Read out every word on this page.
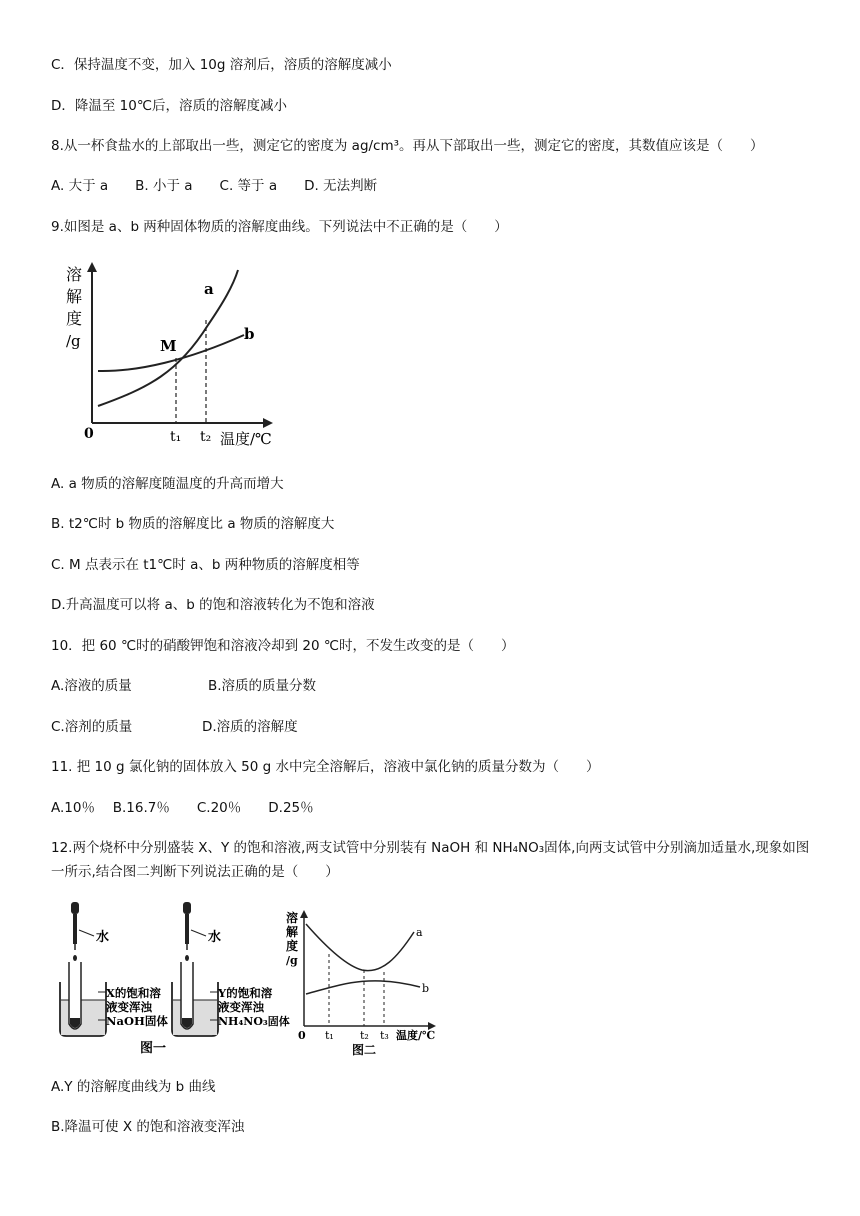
C．保持温度不变，加入 10g 溶剂后，溶质的溶解度减小
D．降温至 10℃后，溶质的溶解度减小
8.从一杯食盐水的上部取出一些，测定它的密度为 ag/cm³。再从下部取出一些，测定它的密度，其数值应该是（　　）
A. 大于 a　　B. 小于 a　　C. 等于 a　　D. 无法判断
9.如图是 a、b 两种固体物质的溶解度曲线。下列说法中不正确的是（　　）
溶
解
度
/g
a
b
M
0	t₁ t₂ 温度/℃
A. a 物质的溶解度随温度的升高而增大
B. t2℃时 b 物质的溶解度比 a 物质的溶解度大
C. M 点表示在 t1℃时 a、b 两种物质的溶解度相等
D.升高温度可以将 a、b 的饱和溶液转化为不饱和溶液
10．把 60 ℃时的硝酸钾饱和溶液冷却到 20 ℃时，不发生改变的是（　　）
A.溶液的质量	B.溶质的质量分数
C.溶剂的质量	D.溶质的溶解度
11. 把 10 g 氯化钠的固体放入 50 g 水中完全溶解后，溶液中氯化钠的质量分数为（　　）
A.10％　 B.16.7％　　C.20％　　D.25％
12.两个烧杯中分别盛装 X、Y 的饱和溶液,两支试管中分别装有 NaOH 和 NH₄NO₃固体,向两支试管中分别滴加适量水,现象如图一所示,结合图二判断下列说法正确的是（　　）
水
X的饱和溶
液变浑浊
NaOH固体
水
Y的饱和溶
液变浑浊
NH₄NO₃固体
图一
溶
解
度
/g
a
b
0 t₁ t₂ t₃ 温度/℃
图二
A.Y 的溶解度曲线为 b 曲线
B.降温可使 X 的饱和溶液变浑浊
